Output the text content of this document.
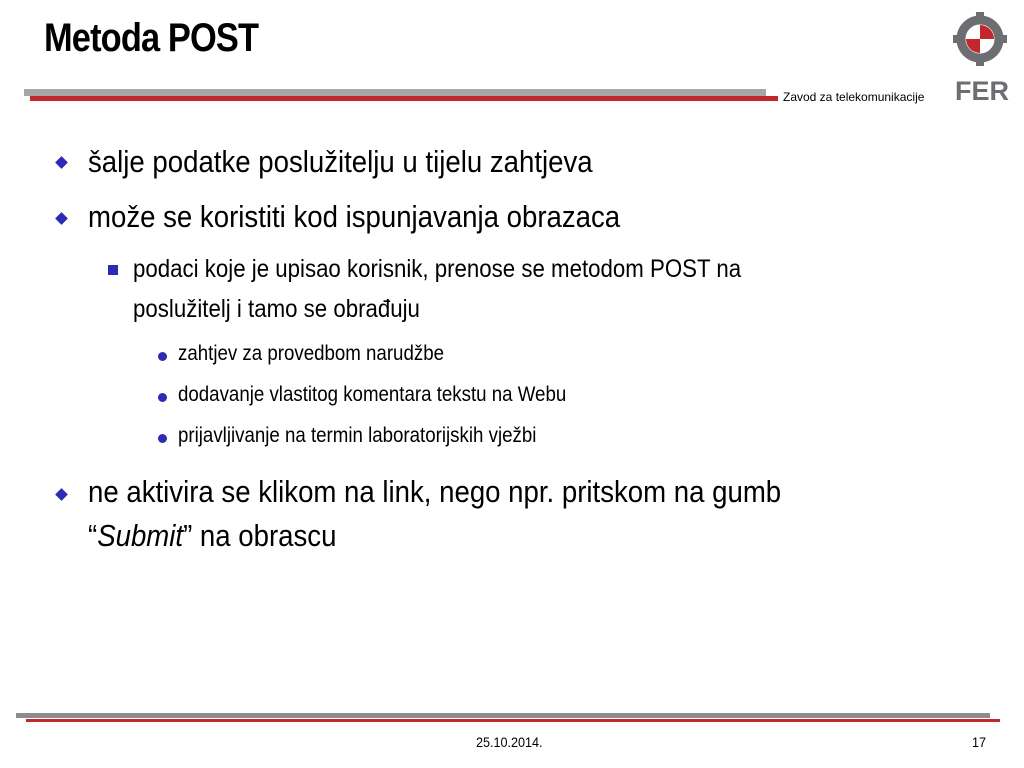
Metoda POST
Zavod za telekomunikacije FER
šalje podatke poslužitelju u tijelu zahtjeva
može se koristiti kod ispunjavanja obrazaca
podaci koje je upisao korisnik, prenose se metodom POST na
poslužitelj i tamo se obrađuju
zahtjev za provedbom narudžbe
dodavanje vlastitog komentara tekstu na Webu
prijavljivanje na termin laboratorijskih vježbi
ne aktivira se klikom na link, nego npr. pritskom na gumb
“Submit” na obrascu
25.10.2014.	17
